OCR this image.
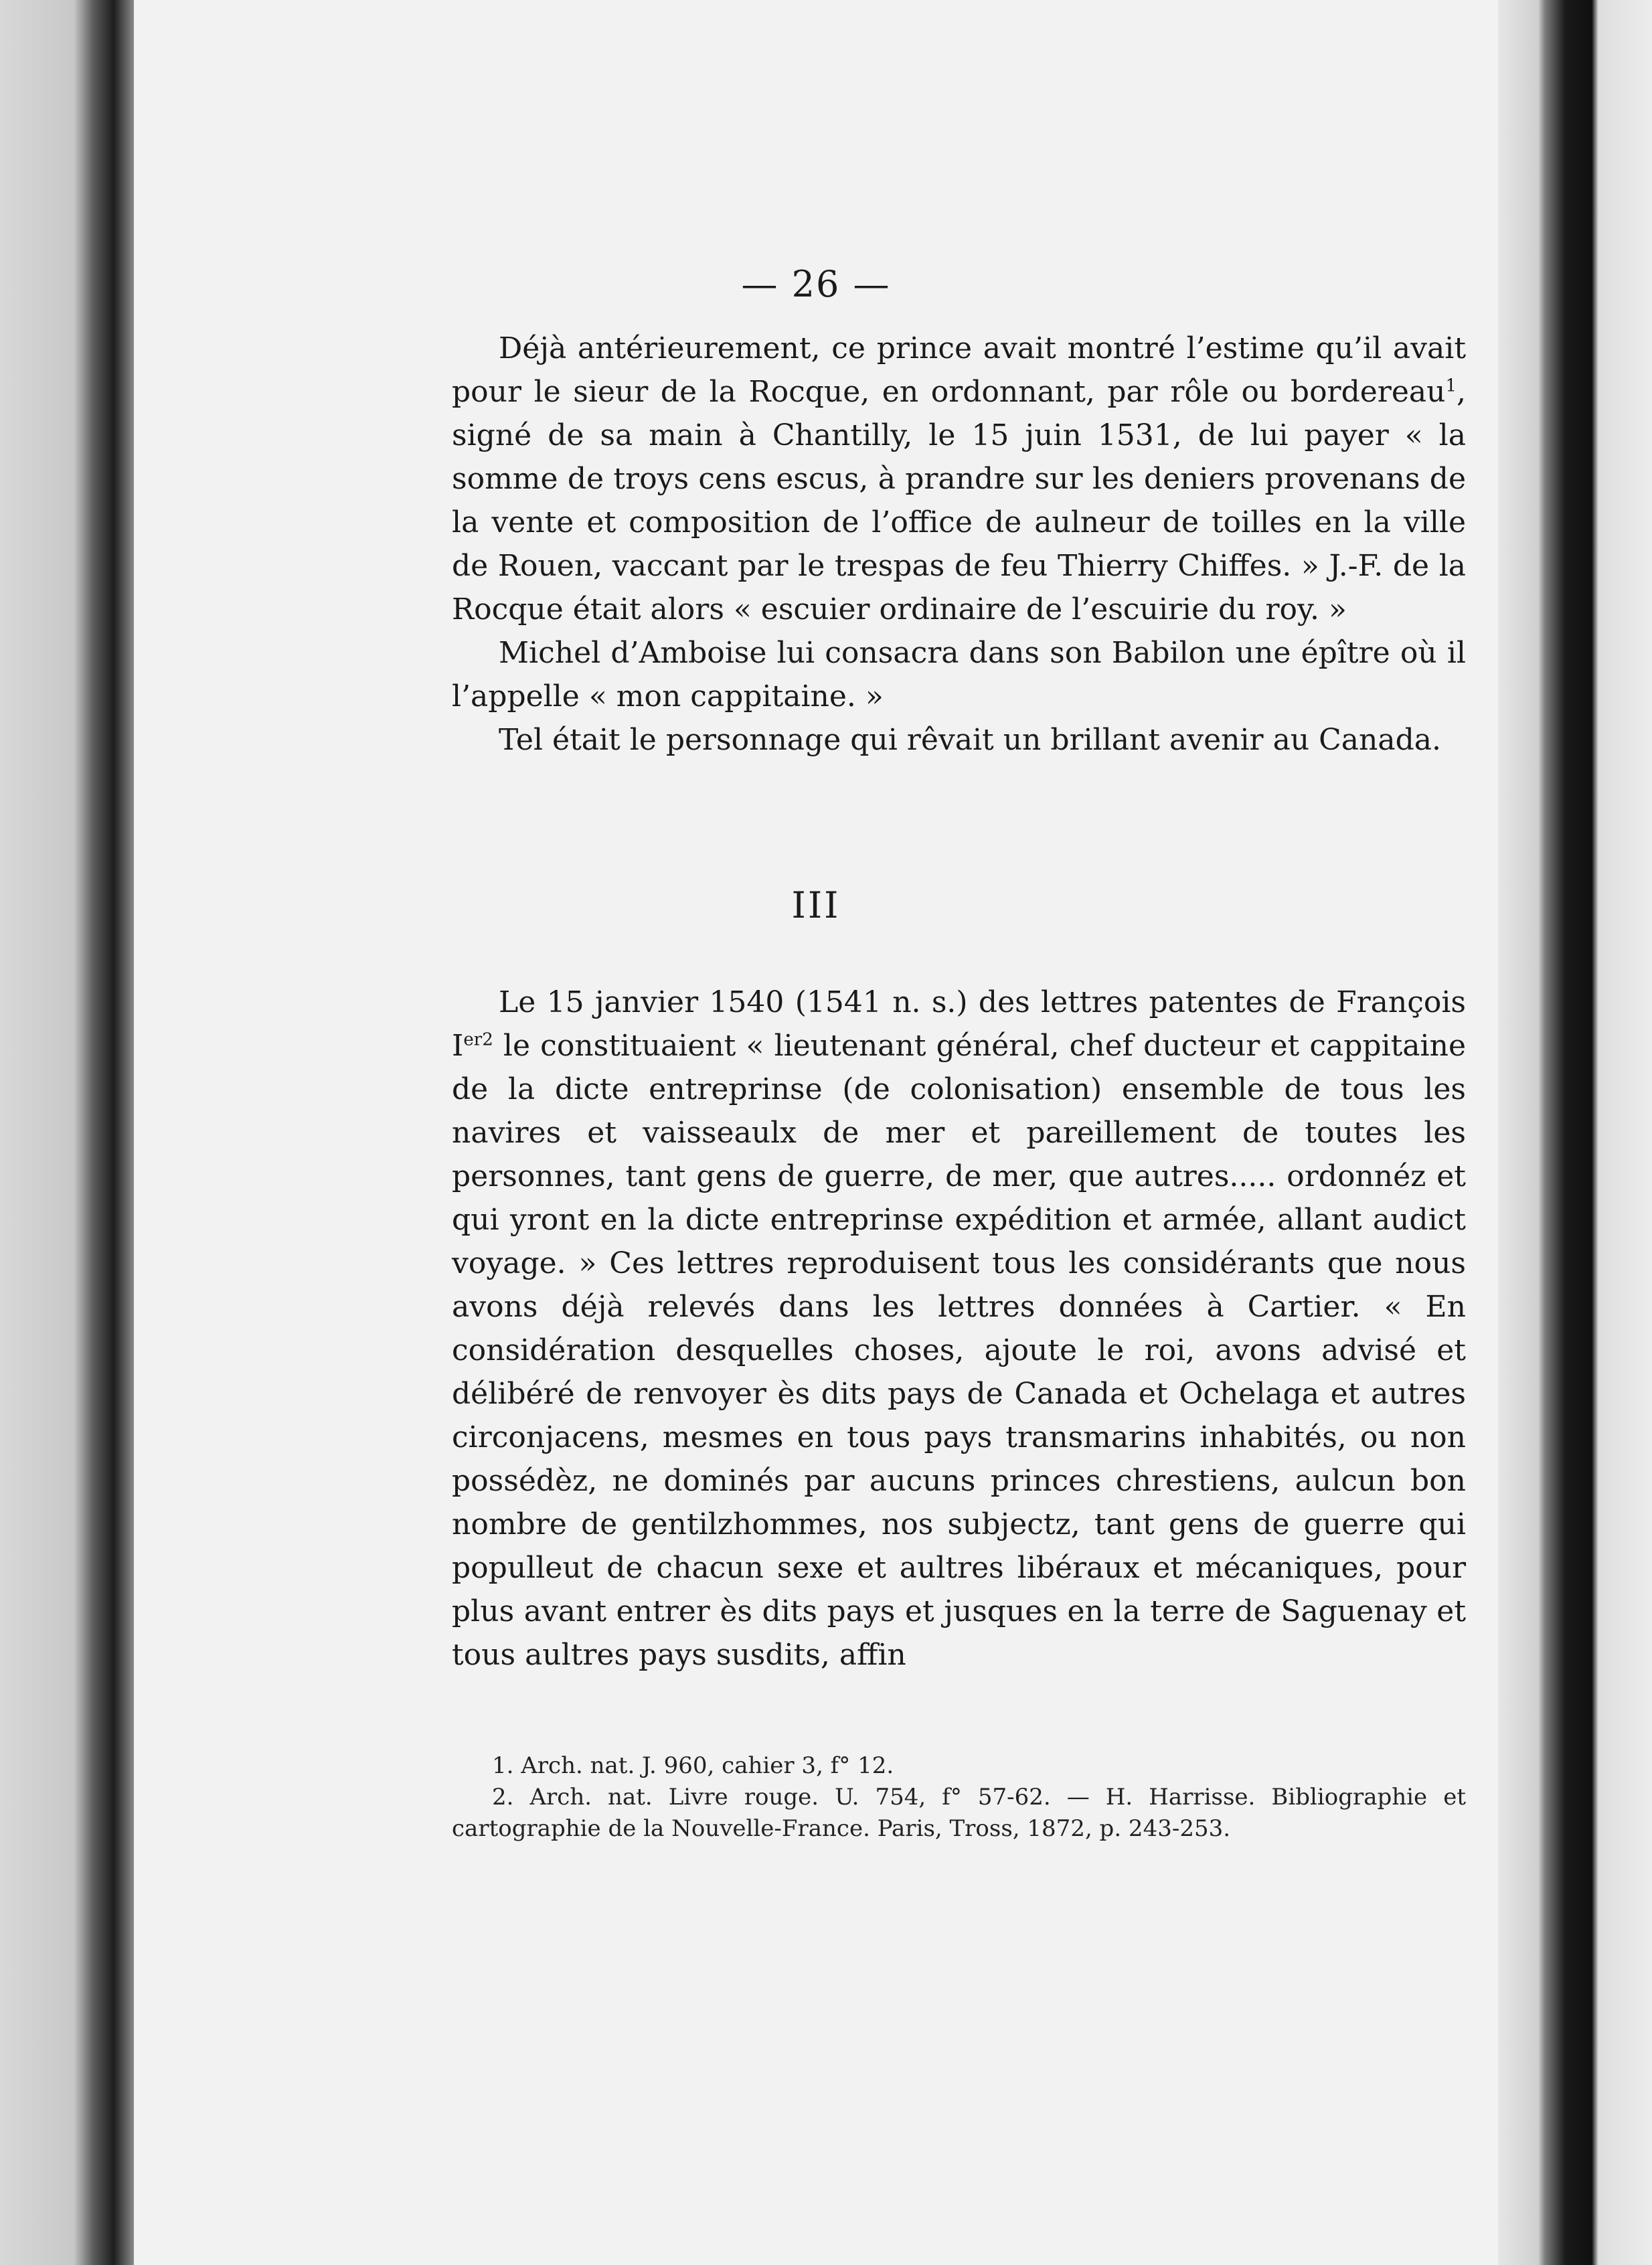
— 26 —

Déjà antérieurement, ce prince avait montré l’estime qu’il avait pour le sieur de la Rocque, en ordonnant, par rôle ou bordereau$^1$, signé de sa main à Chantilly, le 15 juin 1531, de lui payer « la somme de troys cens escus, à prandre sur les deniers provenans de la vente et composition de l’office de aulneur de toilles en la ville de Rouen, vaccant par le trespas de feu Thierry Chiffes. » J.-F. de la Rocque était alors « escuier ordinaire de l’escuirie du roy. »

Michel d’Amboise lui consacra dans son Babilon une épître où il l’appelle « mon cappitaine. »

Tel était le personnage qui rêvait un brillant avenir au Canada.

III

Le 15 janvier 1540 (1541 n. s.) des lettres patentes de François $I^{er2}$ le constituaient « lieutenant général, chef ducteur et cappitaine de la dicte entreprinse (de colonisation) ensemble de tous les navires et vaisseaulx de mer et pareillement de toutes les personnes, tant gens de guerre, de mer, que autres..... ordonnéz et qui yront en la dicte entreprinse expédition et armée, allant audict voyage. » Ces lettres reproduisent tous les considérants que nous avons déjà relevés dans les lettres données à Cartier. « En considération desquelles choses, ajoute le roi, avons advisé et délibéré de renvoyer ès dits pays de Canada et Ochelaga et autres circonjacens, mesmes en tous pays transmarins inhabités, ou non possédèz, ne dominés par aucuns princes chrestiens, aulcun bon nombre de gentilzhommes, nos subjectz, tant gens de guerre qui populleut de chacun sexe et aultres libéraux et mécaniques, pour plus avant entrer ès dits pays et jusques en la terre de Saguenay et tous aultres pays susdits, affin

1. Arch. nat. J. 960, cahier 3, f° 12.

2. Arch. nat. Livre rouge. U. 754, f° 57-62. — H. Harrisse. Bibliographie et cartographie de la Nouvelle-France. Paris, Tross, 1872, p. 243-253.
